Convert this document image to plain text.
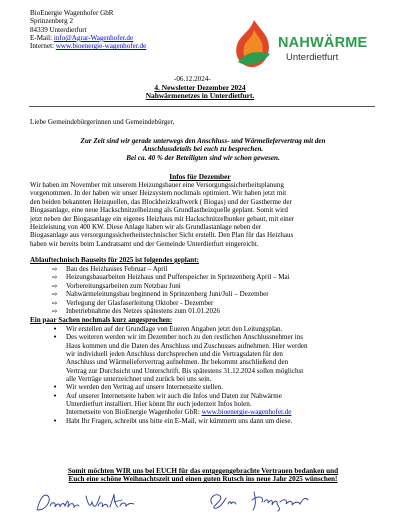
BioEnergie Wagenhofer GbR
Sprinzenberg 2
84339 Unterdietfurt
E-Mail: info@Agrar-Wagenhofer.de
Internet: www.bioenergie-wagenhofer.de
-06.12.2024-
NAHWÄRME
Unterdietfurt
4. Newsletter Dezember 2024
Nahwärmenetzes in Unterdietfurt.
Liebe Gemeindebürgerinnen und Gemeindebürger,
Zur Zeit sind wir gerade unterwegs den Anschluss- und Wärmeliefervertrag mit den
Anschlussdetails bei euch zu besprechen.
Bei ca. 40 % der Beteiligten sind wir schon gewesen.
Infos für Dezember
Wir haben im November mit unserem Heizungsbauer eine Versorgungssicherheitsplanung
vorgenommen. In der haben wir unser Heizsystem nochmals optimiert. Wir haben jetzt mit
den beiden bekannten Heizquellen, das Blockheizkraftwerk ( Biogas) und der Gastherme der
Biogasanlage, eine neue Hackschnitzelheizung als Grundlastheizquelle geplant. Somit wird
jetzt neben der Biogasanlage ein eigenes Heizhaus mit Hackschnitzelbunker gebaut, mit einer
Heizleistung von 400 KW. Diese Anlage haben wir als Grundlastanlage neben der
Biogasanlage aus versorgungssicherheitstechnischer Sicht erstellt. Den Plan für das Heizhaus
haben wir bereits beim Landratsamt und der Gemeinde Unterdietfurt eingereicht.
Ablauftechnisch Bauseits für 2025 ist folgendes geplant:
⇨ Bau des Heizhauses Februar – April
⇨ Heizungsbauarbeiten Heizhaus und Pufferspeicher in Sprinzenberg April – Mai
⇨ Vorbereitungsarbeiten zum Netzbau Juni
⇨ Nahwärmeleitungsbau beginnend in Sprinzenberg Juni/Juli – Dezember
⇨ Verlegung der Glasfaserleitung Oktober - Dezember
⇨ Inbetriebnahme des Netzes spätestens zum 01.01.2026
Ein paar Sachen nochmals kurz angesprochen:
• Wir erstellen auf der Grundlage von Eueren Angaben jetzt den Leitungsplan.
• Des weiteren werden wir im Dezember noch zu den restlichen Anschlussnehmer ins
Haus kommen und die Daten des Anschluss und Zuschusses aufnehmen. Hier werden
wir individuell jeden Anschluss durchsprechen und die Vertragsdaten für den
Anschluss und Wärmeliefervertrag aufnehmen. Ihr bekommt anschließend den
Vertrag zur Durchsicht und Unterschrift. Bis spätestens 31.12.2024 sollen möglichst
alle Verträge unterzeichnet und zurück bei uns sein.
• Wir werden den Vertrag auf unsere Internetseite stellen.
• Auf unserer Internetseite haben wir auch die Infos und Daten zur Nahwärme
Unterdietfurt installiert. Hier könnt Ihr euch jederzeit Infos holen.
Internetseite von BioEnergie Wagenhofer GbR: www.bioenergie-wagenhofer.de
• Habt Ihr Fragen, schreibt uns bitte ein E-Mail, wir kümmern uns dann um diese.
Somit möchten WIR uns bei EUCH für das entgegengebrachte Vertrauen bedanken und
Euch eine schöne Weihnachtszeit und einen guten Rutsch ins neue Jahr 2025 wünschen!
